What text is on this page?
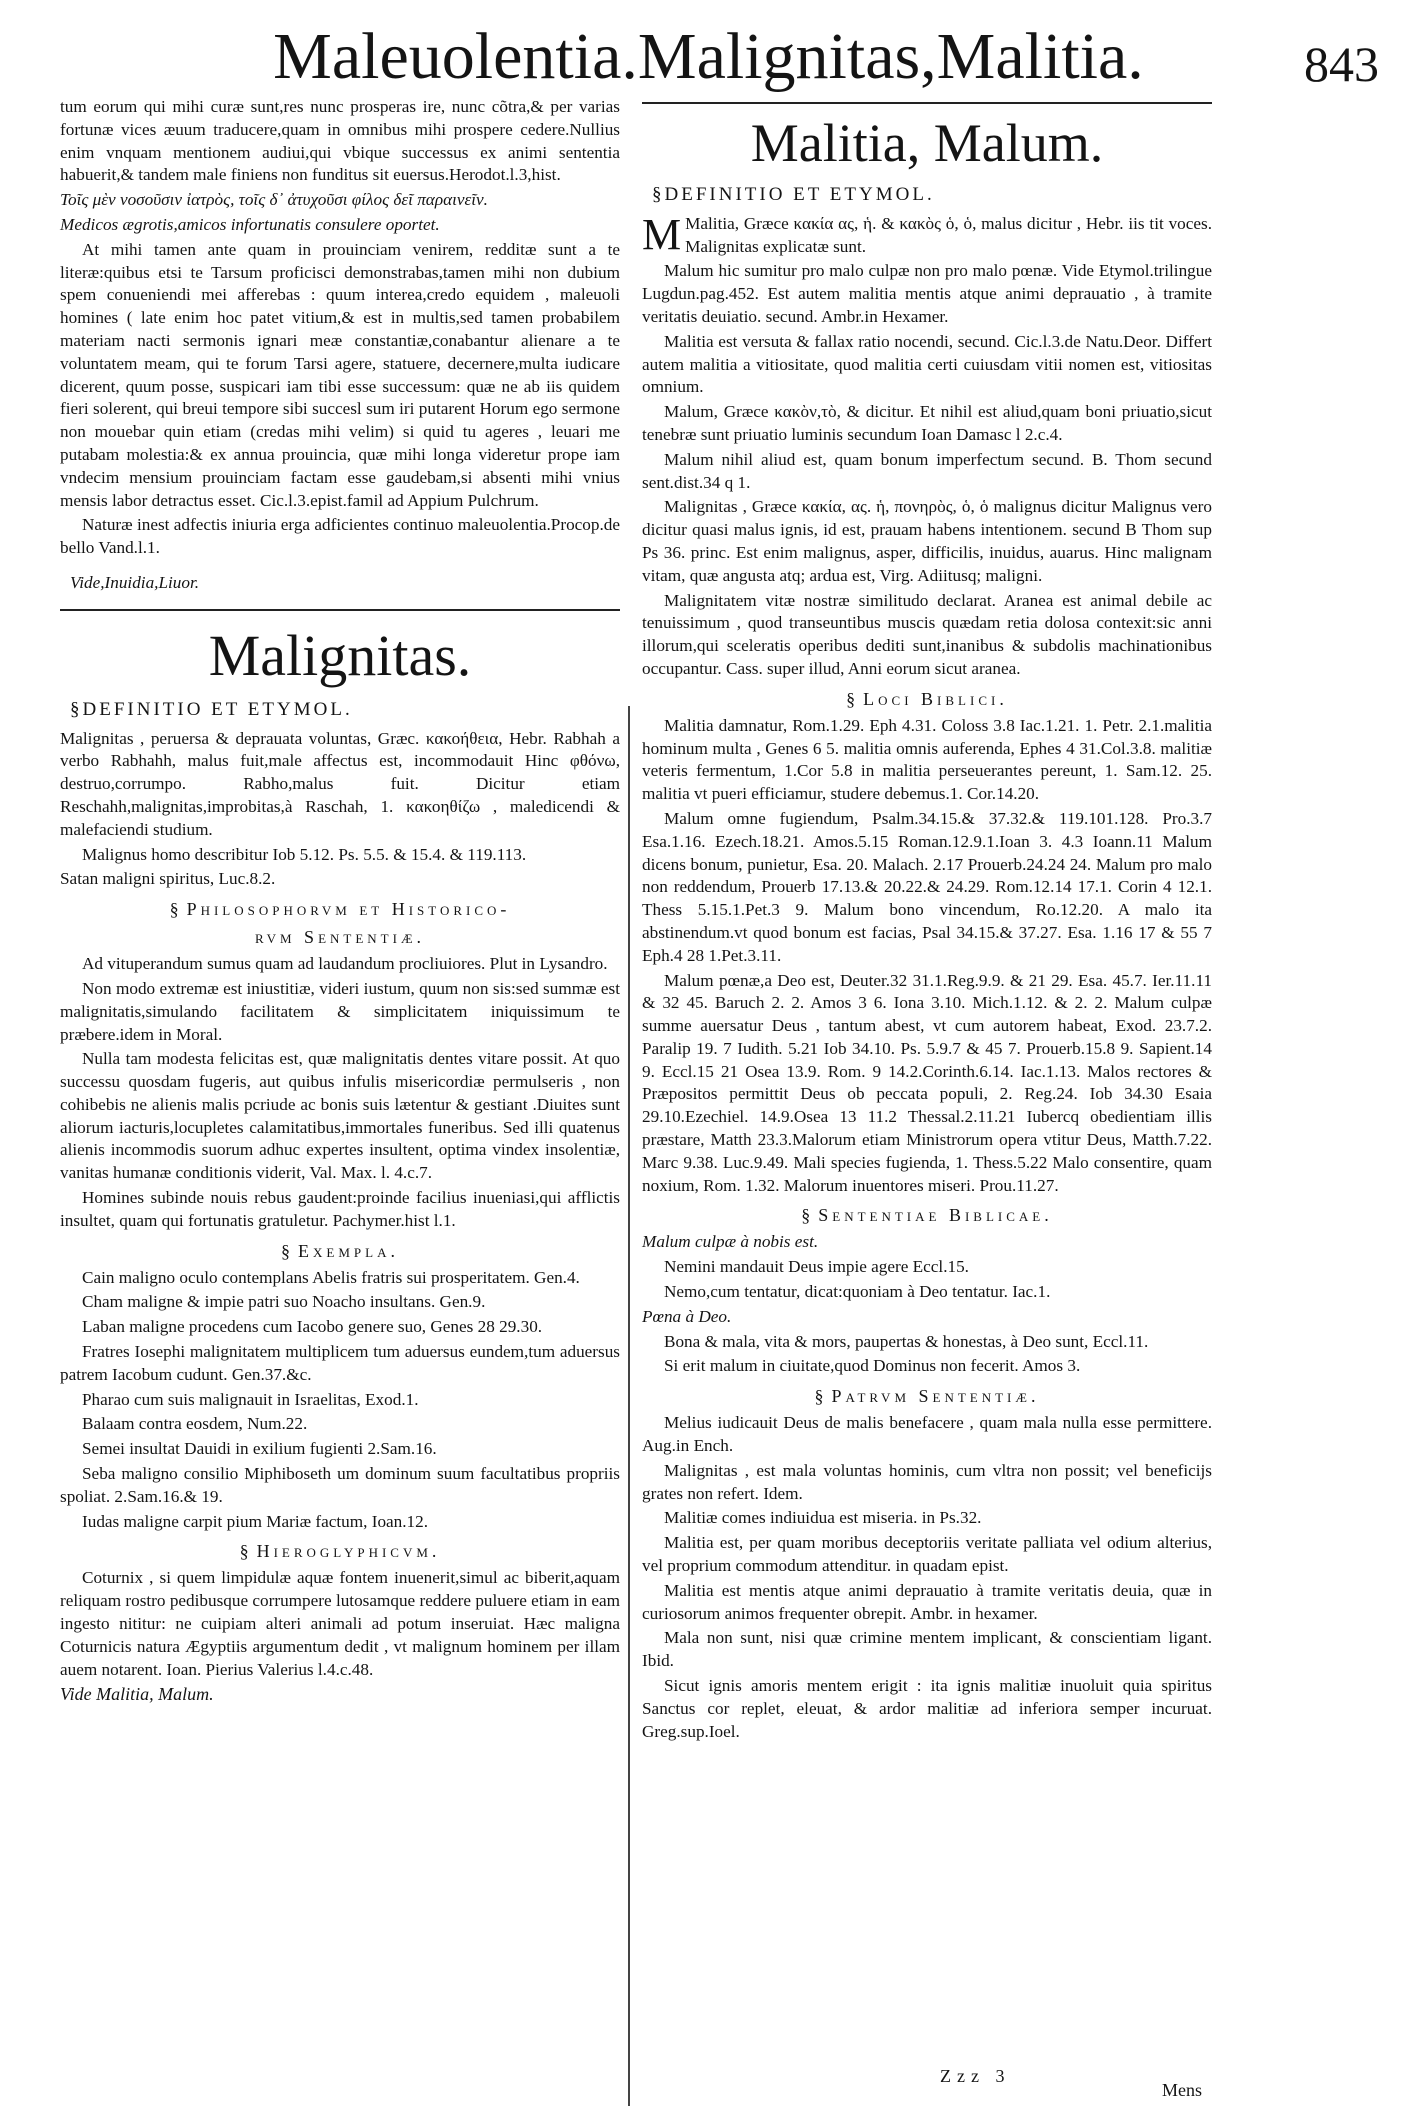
Maleuolentia.Malignitas,Malitia.	843

tum eorum qui mihi curæ sunt,res nunc prosperas ire, nunc cõtra,& per varias fortunæ vices æuum traducere,quam in omnibus mihi prospere cedere.Nullius enim vnquam mentionem audiui,qui vbique successus ex animi sententia habuerit,& tandem male finiens non funditus sit euersus.Herodot.l.3,hist.

Τοῖς μὲν νοσοῦσιν ἰατρὸς, τοῖς δ᾽ ἀτυχοῦσι φίλος δεῖ παραινεῖν.

Medicos ægrotis,amicos infortunatis consulere oportet.

At mihi tamen ante quam in prouinciam venirem, redditæ sunt a te literæ:quibus etsi te Tarsum proficisci demonstrabas,tamen mihi non dubium spem conueniendi mei afferebas : quum interea,credo equidem , maleuoli homines ( late enim hoc patet vitium,& est in multis,sed tamen probabilem materiam nacti sermonis ignari meæ constantiæ,conabantur alienare a te voluntatem meam, qui te forum Tarsi agere, statuere, decernere,multa iudicare dicerent, quum posse, suspicari iam tibi esse successum: quæ ne ab iis quidem fieri solerent, qui breui tempore sibi succesl sum iri putarent Horum ego sermone non mouebar quin etiam (credas mihi velim) si quid tu ageres , leuari me putabam molestia:& ex annua prouincia, quæ mihi longa videretur prope iam vndecim mensium prouinciam factam esse gaudebam,si absenti mihi vnius mensis labor detractus esset. Cic.l.3.epist.famil ad Appium Pulchrum.

Naturæ inest adfectis iniuria erga adficientes continuo maleuolentia.Procop.de bello Vand.l.1.

Vide,Inuidia,Liuor.

Malignitas.
§DEFINITIO ET ETYMOL.

Malignitas , peruersa & deprauata voluntas, Græc. κακοήθεια, Hebr. Rabhah a verbo Rabhahh, malus fuit,male affectus est, incommodauit Hinc φθόνω, destruo,corrumpo. Rabho,malus fuit. Dicitur etiam Reschahh,malignitas,improbitas,à Raschah, 1. κακοηθίζω , maledicendi & malefaciendi studium.

Malignus homo describitur Iob 5.12. Ps. 5.5. & 15.4. & 119.113.

Satan maligni spiritus, Luc.8.2.

§ Philosophorvm et Historico-
rvm Sententiæ.

Ad vituperandum sumus quam ad laudandum procliuiores. Plut in Lysandro.

Non modo extremæ est iniustitiæ, videri iustum, quum non sis:sed summæ est malignitatis,simulando facilitatem & simplicitatem iniquissimum te præbere.idem in Moral.

Nulla tam modesta felicitas est, quæ malignitatis dentes vitare possit. At quo successu quosdam fugeris, aut quibus infulis misericordiæ permulseris , non cohibebis ne alienis malis pcriude ac bonis suis lætentur & gestiant .Diuites sunt aliorum iacturis,locupletes calamitatibus,immortales funeribus. Sed illi quatenus alienis incommodis suorum adhuc expertes insultent, optima vindex insolentiæ, vanitas humanæ conditionis viderit, Val. Max. l. 4.c.7.

Homines subinde nouis rebus gaudent:proinde facilius inueniasi,qui afflictis insultet, quam qui fortunatis gratuletur. Pachymer.hist l.1.

§ Exempla.

Cain maligno oculo contemplans Abelis fratris sui prosperitatem. Gen.4.

Cham maligne & impie patri suo Noacho insultans. Gen.9.

Laban maligne procedens cum Iacobo genere suo, Genes 28 29.30.

Fratres Iosephi malignitatem multiplicem tum aduersus eundem,tum aduersus patrem Iacobum cudunt. Gen.37.&c.

Pharao cum suis malignauit in Israelitas, Exod.1.

Balaam contra eosdem, Num.22.

Semei insultat Dauidi in exilium fugienti 2.Sam.16.

Seba maligno consilio Miphiboseth um dominum suum facultatibus propriis spoliat. 2.Sam.16.& 19.

Iudas maligne carpit pium Mariæ factum, Ioan.12.

§ Hieroglyphicvm.

Coturnix , si quem limpidulæ aquæ fontem inuenerit,simul ac biberit,aquam reliquam rostro pedibusque corrumpere lutosamque reddere puluere etiam in eam ingesto nititur: ne cuipiam alteri animali ad potum inseruiat. Hæc maligna Coturnicis natura Ægyptiis argumentum dedit , vt malignum hominem per illam auem notarent. Ioan. Pierius Valerius l.4.c.48.

Vide Malitia, Malum.

Malitia, Malum.
§DEFINITIO ET ETYMOL.

M Malitia, Græce κακία ας, ἡ. & κακὸς ὁ, ὁ, malus dicitur , Hebr. iis tit voces. Malignitas explicatæ sunt.

Malum hic sumitur pro malo culpæ non pro malo pœnæ. Vide Etymol.trilingue Lugdun.pag.452. Est autem malitia mentis atque animi deprauatio , à tramite veritatis deuiatio. secund. Ambr.in Hexamer.

Malitia est versuta & fallax ratio nocendi, secund. Cic.l.3.de Natu.Deor. Differt autem malitia a vitiositate, quod malitia certi cuiusdam vitii nomen est, vitiositas omnium.

Malum, Græce κακὸν,τὸ, & dicitur. Et nihil est aliud,quam boni priuatio,sicut tenebræ sunt priuatio luminis secundum Ioan Damasc l 2.c.4.

Malum nihil aliud est, quam bonum imperfectum secund. B. Thom secund sent.dist.34 q 1.

Malignitas , Græce κακία, ας. ἡ, πονηρὸς, ὁ, ὁ malignus dicitur Malignus vero dicitur quasi malus ignis, id est, prauam habens intentionem. secund B Thom sup Ps 36. princ. Est enim malignus, asper, difficilis, inuidus, auarus. Hinc malignam vitam, quæ angusta atq; ardua est, Virg. Adiitusq; maligni.

Malignitatem vitæ nostræ similitudo declarat. Aranea est animal debile ac tenuissimum , quod transeuntibus muscis quædam retia dolosa contexit:sic anni illorum,qui sceleratis operibus dediti sunt,inanibus & subdolis machinationibus occupantur. Cass. super illud, Anni eorum sicut aranea.

§ Loci Biblici.

Malitia damnatur, Rom.1.29. Eph 4.31. Coloss 3.8 Iac.1.21. 1. Petr. 2.1.malitia hominum multa , Genes 6 5. malitia omnis auferenda, Ephes 4 31.Col.3.8. malitiæ veteris fermentum, 1.Cor 5.8 in malitia perseuerantes pereunt, 1. Sam.12. 25. malitia vt pueri efficiamur, studere debemus.1. Cor.14.20.

Malum omne fugiendum, Psalm.34.15.& 37.32.& 119.101.128. Pro.3.7 Esa.1.16. Ezech.18.21. Amos.5.15 Roman.12.9.1.Ioan 3. 4.3 Ioann.11 Malum dicens bonum, punietur, Esa. 20. Malach. 2.17 Prouerb.24.24 24. Malum pro malo non reddendum, Prouerb 17.13.& 20.22.& 24.29. Rom.12.14 17.1. Corin 4 12.1. Thess 5.15.1.Pet.3 9. Malum bono vincendum, Ro.12.20. A malo ita abstinendum.vt quod bonum est facias, Psal 34.15.& 37.27. Esa. 1.16 17 & 55 7 Eph.4 28 1.Pet.3.11.

Malum pœnæ,a Deo est, Deuter.32 31.1.Reg.9.9. & 21 29. Esa. 45.7. Ier.11.11 & 32 45. Baruch 2. 2. Amos 3 6. Iona 3.10. Mich.1.12. & 2. 2. Malum culpæ summe auersatur Deus , tantum abest, vt cum autorem habeat, Exod. 23.7.2. Paralip 19. 7 Iudith. 5.21 Iob 34.10. Ps. 5.9.7 & 45 7. Prouerb.15.8 9. Sapient.14 9. Eccl.15 21 Osea 13.9. Rom. 9 14.2.Corinth.6.14. Iac.1.13. Malos rectores & Præpositos permittit Deus ob peccata populi, 2. Reg.24. Iob 34.30 Esaia 29.10.Ezechiel. 14.9.Osea 13 11.2 Thessal.2.11.21 Iubercq obedientiam illis præstare, Matth 23.3.Malorum etiam Ministrorum opera vtitur Deus, Matth.7.22. Marc 9.38. Luc.9.49. Mali species fugienda, 1. Thess.5.22 Malo consentire, quam noxium, Rom. 1.32. Malorum inuentores miseri. Prou.11.27.

§ Sententiae Biblicae.

Malum culpæ à nobis est.

Nemini mandauit Deus impie agere Eccl.15.

Nemo,cum tentatur, dicat:quoniam à Deo tentatur. Iac.1.

Pœna à Deo.

Bona & mala, vita & mors, paupertas & honestas, à Deo sunt, Eccl.11.

Si erit malum in ciuitate,quod Dominus non fecerit. Amos 3.

§ Patrvm Sententiæ.

Melius iudicauit Deus de malis benefacere , quam mala nulla esse permittere. Aug.in Ench.

Malignitas , est mala voluntas hominis, cum vltra non possit; vel beneficijs grates non refert. Idem.

Malitiæ comes indiuidua est miseria. in Ps.32.

Malitia est, per quam moribus deceptoriis veritate palliata vel odium alterius, vel proprium commodum attenditur. in quadam epist.

Malitia est mentis atque animi deprauatio à tramite veritatis deuia, quæ in curiosorum animos frequenter obrepit. Ambr. in hexamer.

Mala non sunt, nisi quæ crimine mentem implicant, & conscientiam ligant. Ibid.

Sicut ignis amoris mentem erigit : ita ignis malitiæ inuoluit quia spiritus Sanctus cor replet, eleuat, & ardor malitiæ ad inferiora semper incuruat. Greg.sup.Ioel.

Zzz 3
Mens
